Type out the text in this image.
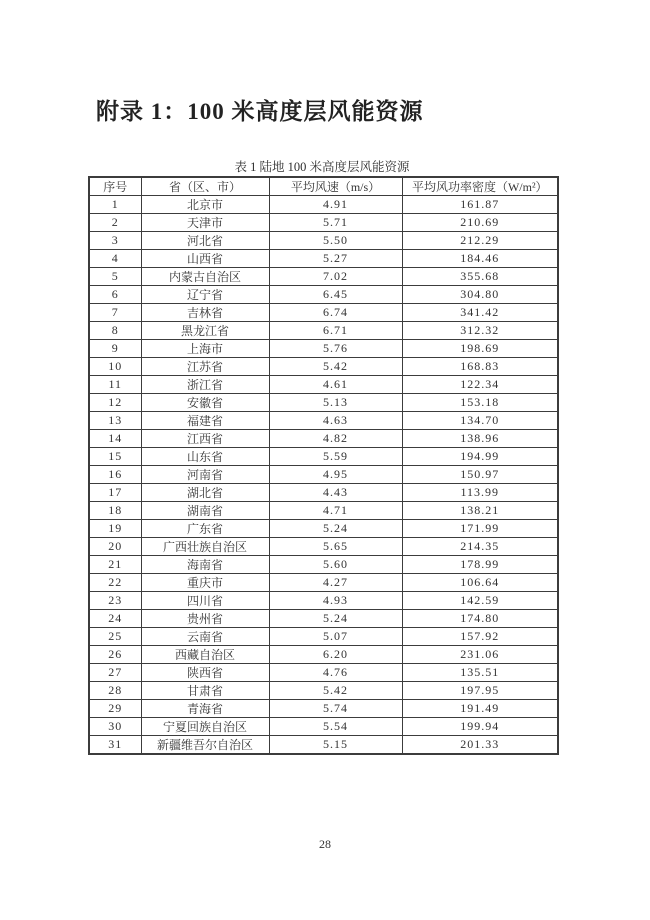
附录 1：100 米高度层风能资源
表 1 陆地 100 米高度层风能资源
序号	省（区、市）	平均风速（m/s）	平均风功率密度（W/m²）
1	北京市	4.91	161.87
2	天津市	5.71	210.69
3	河北省	5.50	212.29
4	山西省	5.27	184.46
5	内蒙古自治区	7.02	355.68
6	辽宁省	6.45	304.80
7	吉林省	6.74	341.42
8	黑龙江省	6.71	312.32
9	上海市	5.76	198.69
10	江苏省	5.42	168.83
11	浙江省	4.61	122.34
12	安徽省	5.13	153.18
13	福建省	4.63	134.70
14	江西省	4.82	138.96
15	山东省	5.59	194.99
16	河南省	4.95	150.97
17	湖北省	4.43	113.99
18	湖南省	4.71	138.21
19	广东省	5.24	171.99
20	广西壮族自治区	5.65	214.35
21	海南省	5.60	178.99
22	重庆市	4.27	106.64
23	四川省	4.93	142.59
24	贵州省	5.24	174.80
25	云南省	5.07	157.92
26	西藏自治区	6.20	231.06
27	陕西省	4.76	135.51
28	甘肃省	5.42	197.95
29	青海省	5.74	191.49
30	宁夏回族自治区	5.54	199.94
31	新疆维吾尔自治区	5.15	201.33
28
